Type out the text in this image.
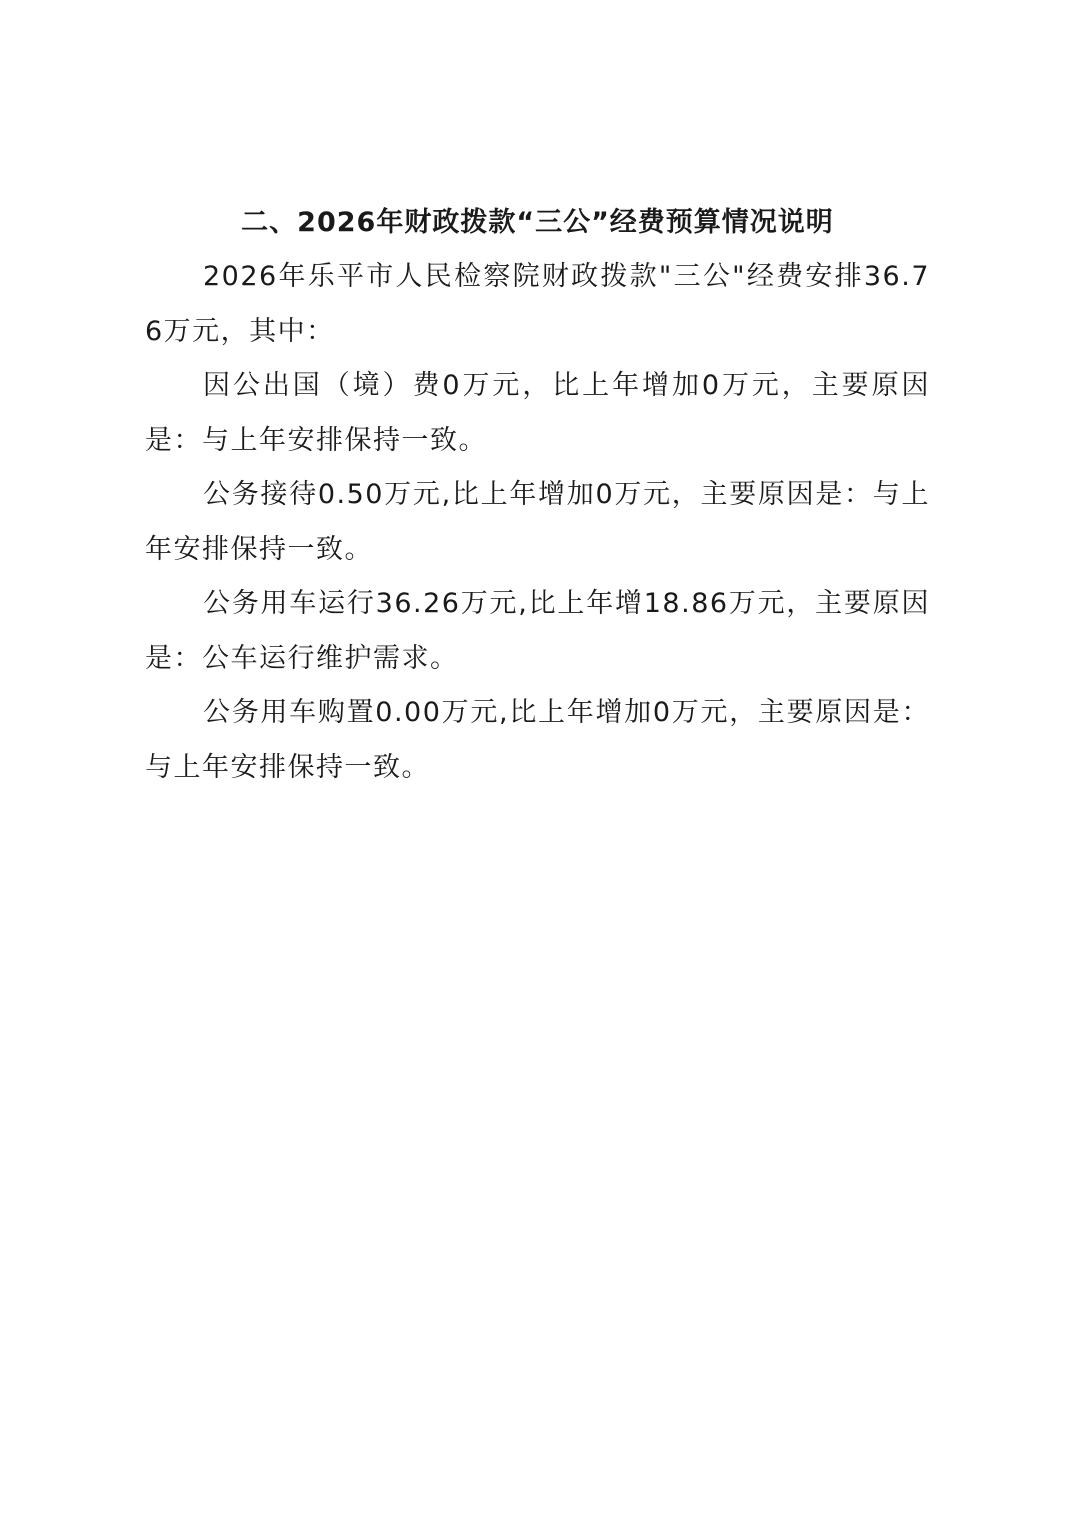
二、2026年财政拨款“三公”经费预算情况说明

2026年乐平市人民检察院财政拨款"三公"经费安排36.76万元，其中：

因公出国（境）费0万元，比上年增加0万元，主要原因是：与上年安排保持一致。

公务接待0.50万元,比上年增加0万元，主要原因是：与上年安排保持一致。

公务用车运行36.26万元,比上年增18.86万元，主要原因是：公车运行维护需求。

公务用车购置0.00万元,比上年增加0万元，主要原因是：与上年安排保持一致。
